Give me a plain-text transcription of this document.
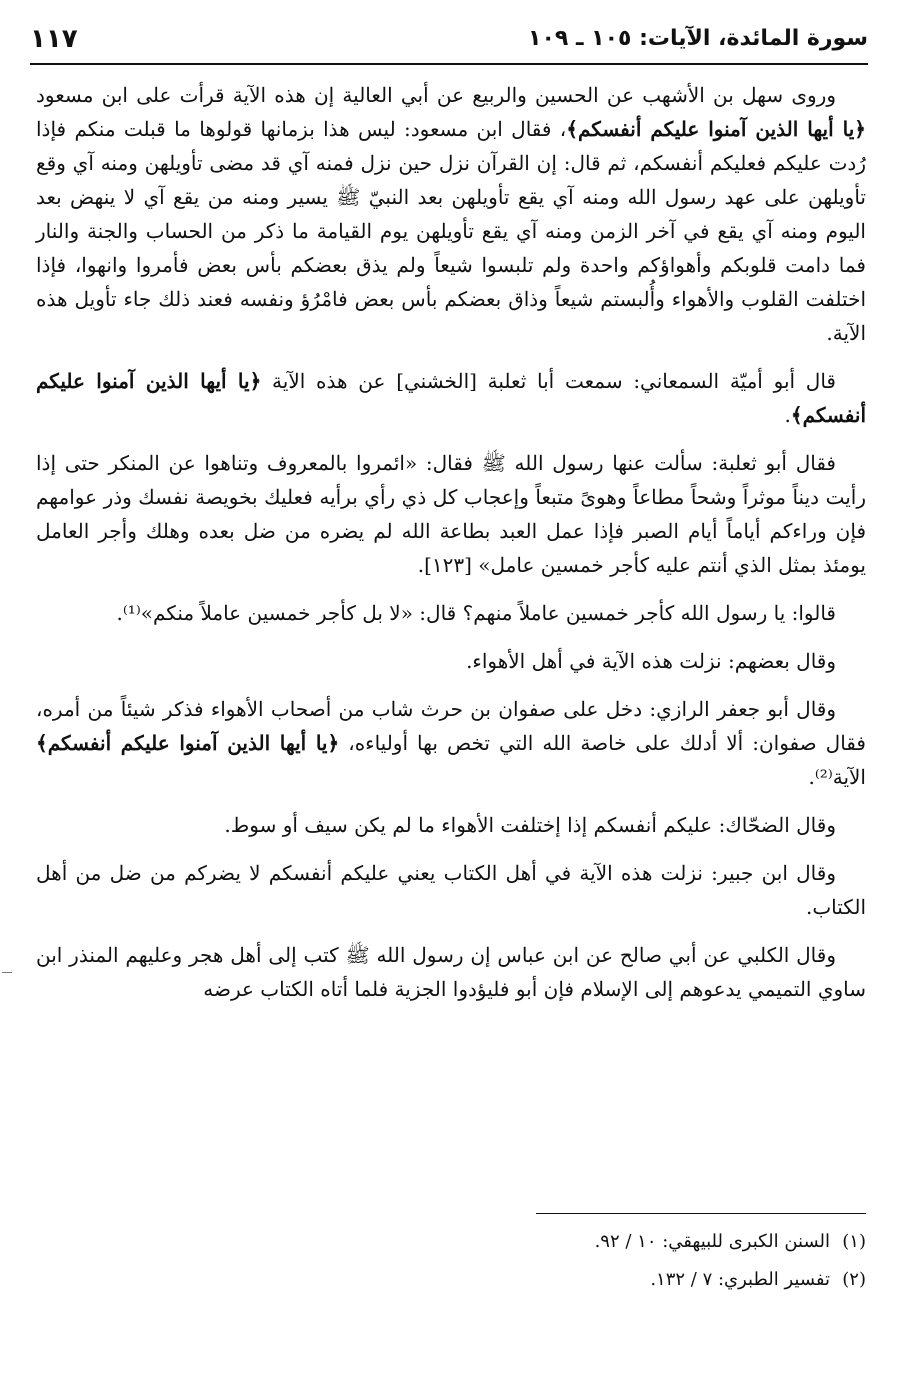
سورة المائدة، الآيات: ١٠٥ ـ ١٠٩
١١٧

وروى سهل بن الأشهب عن الحسين والربيع عن أبي العالية إن هذه الآية قرأت على ابن مسعود ﴿يا أيها الذين آمنوا عليكم أنفسكم﴾، فقال ابن مسعود: ليس هذا بزمانها قولوها ما قبلت منكم فإذا رُدت عليكم فعليكم أنفسكم، ثم قال: إن القرآن نزل حين نزل فمنه آي قد مضى تأويلهن ومنه آي وقع تأويلهن على عهد رسول الله ومنه آي يقع تأويلهن بعد النبيّ ﷺ يسير ومنه من يقع آي لا ينهض بعد اليوم ومنه آي يقع في آخر الزمن ومنه آي يقع تأويلهن يوم القيامة ما ذكر من الحساب والجنة والنار فما دامت قلوبكم وأهواؤكم واحدة ولم تلبسوا شيعاً ولم يذق بعضكم بأس بعض فأمروا وانهوا، فإذا اختلفت القلوب والأهواء وأُلبستم شيعاً وذاق بعضكم بأس بعض فامْرُؤ ونفسه فعند ذلك جاء تأويل هذه الآية.

قال أبو أميّة السمعاني: سمعت أبا ثعلبة [الخشني] عن هذه الآية ﴿يا أيها الذين آمنوا عليكم أنفسكم﴾.

فقال أبو ثعلبة: سألت عنها رسول الله ﷺ فقال: «ائمروا بالمعروف وتناهوا عن المنكر حتى إذا رأيت ديناً موثراً وشحاً مطاعاً وهوىً متبعاً وإعجاب كل ذي رأي برأيه فعليك بخويصة نفسك وذر عوامهم فإن وراءكم أياماً أيام الصبر فإذا عمل العبد بطاعة الله لم يضره من ضل بعده وهلك وأجر العامل يومئذ بمثل الذي أنتم عليه كأجر خمسين عامل» [١٢٣].

قالوا: يا رسول الله كأجر خمسين عاملاً منهم؟ قال: «لا بل كأجر خمسين عاملاً منكم»⁽¹⁾.

وقال بعضهم: نزلت هذه الآية في أهل الأهواء.

وقال أبو جعفر الرازي: دخل على صفوان بن حرث شاب من أصحاب الأهواء فذكر شيئاً من أمره، فقال صفوان: ألا أدلك على خاصة الله التي تخص بها أولياءه، ﴿يا أيها الذين آمنوا عليكم أنفسكم﴾ الآية⁽²⁾.

وقال الضحّاك: عليكم أنفسكم إذا إختلفت الأهواء ما لم يكن سيف أو سوط.

وقال ابن جبير: نزلت هذه الآية في أهل الكتاب يعني عليكم أنفسكم لا يضركم من ضل من أهل الكتاب.

وقال الكلبي عن أبي صالح عن ابن عباس إن رسول الله ﷺ كتب إلى أهل هجر وعليهم المنذر ابن ساوي التميمي يدعوهم إلى الإسلام فإن أبو فليؤدوا الجزية فلما أتاه الكتاب عرضه

(١)السنن الكبرى للبيهقي: ١٠ / ٩٢.
(٢)تفسير الطبري: ٧ / ١٣٢.
